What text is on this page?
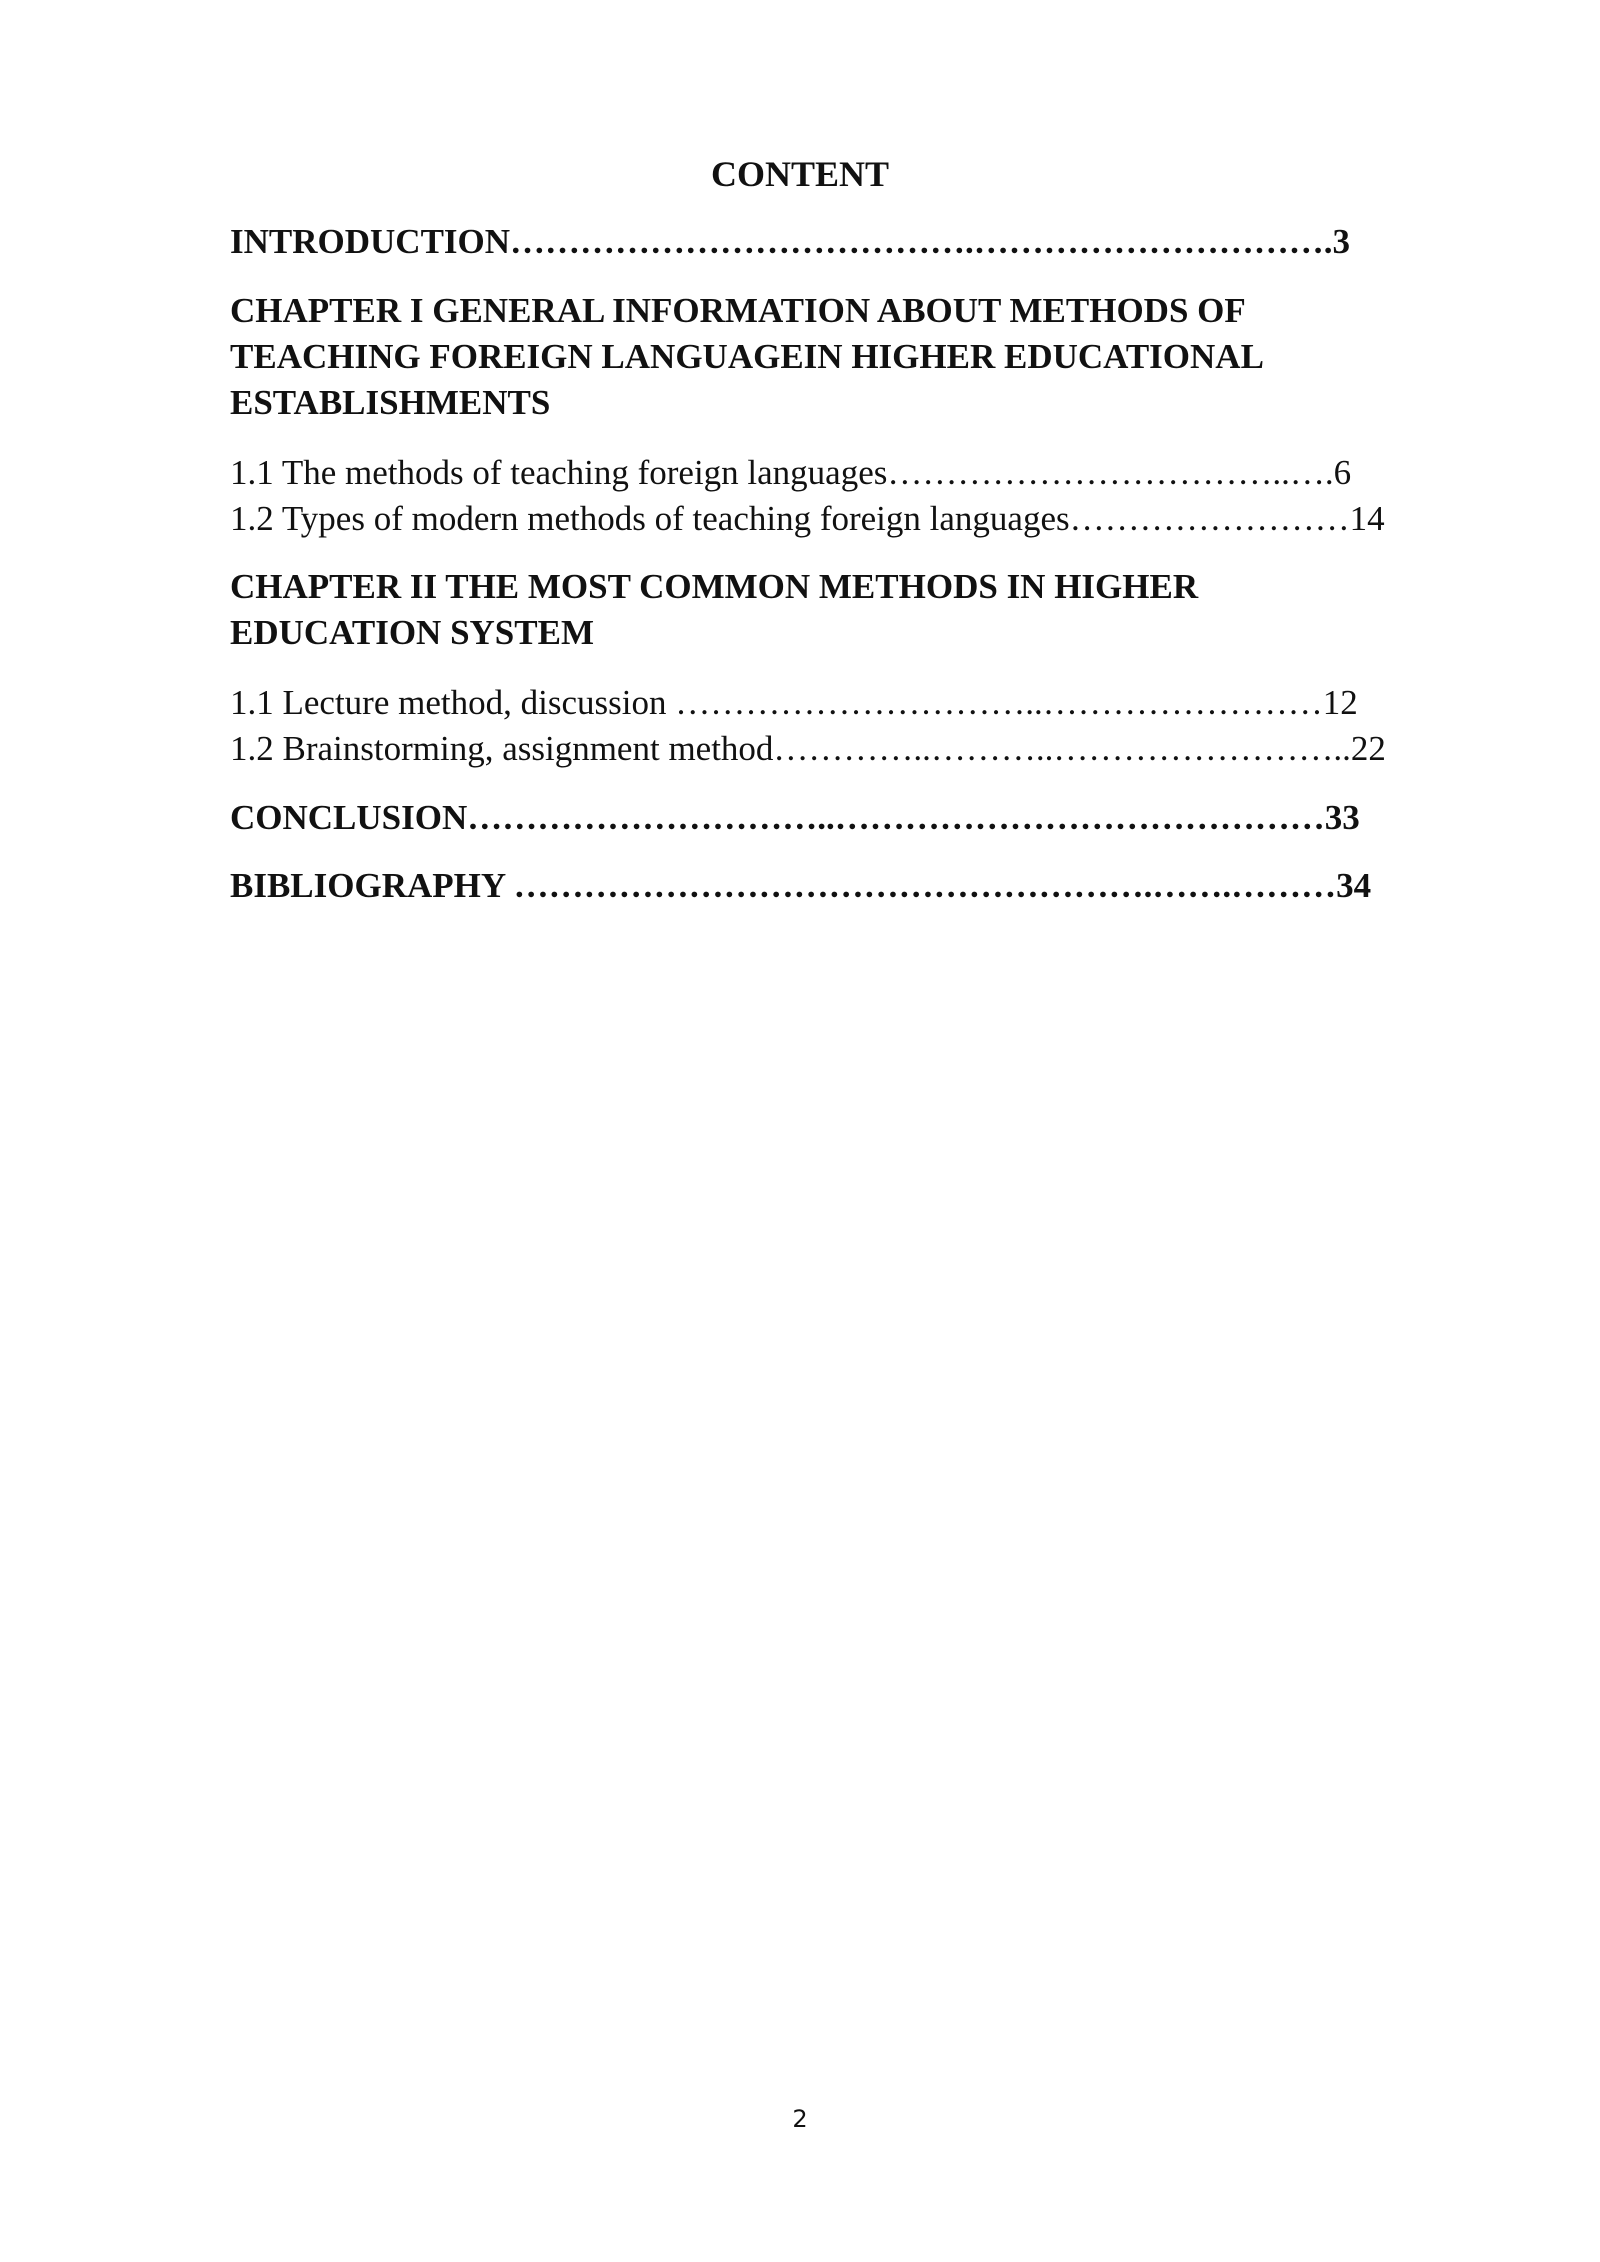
CONTENT
INTRODUCTION………………………………….………………………….3
CHAPTER I GENERAL INFORMATION ABOUT METHODS OF
TEACHING FOREIGN LANGUAGEIN HIGHER EDUCATIONAL
ESTABLISHMENTS
1.1 The methods of teaching foreign languages……………………………..….6
1.2 Types of modern methods of teaching foreign languages……………………14
CHAPTER II THE MOST COMMON METHODS IN HIGHER
EDUCATION SYSTEM
1.1 Lecture method, discussion …………………………..……………………12
1.2 Brainstorming, assignment method…………..………..……………………..22
CONCLUSION…………………………..……………………………………33
BIBLIOGRAPHY ……………………………………………….…….………34
2
